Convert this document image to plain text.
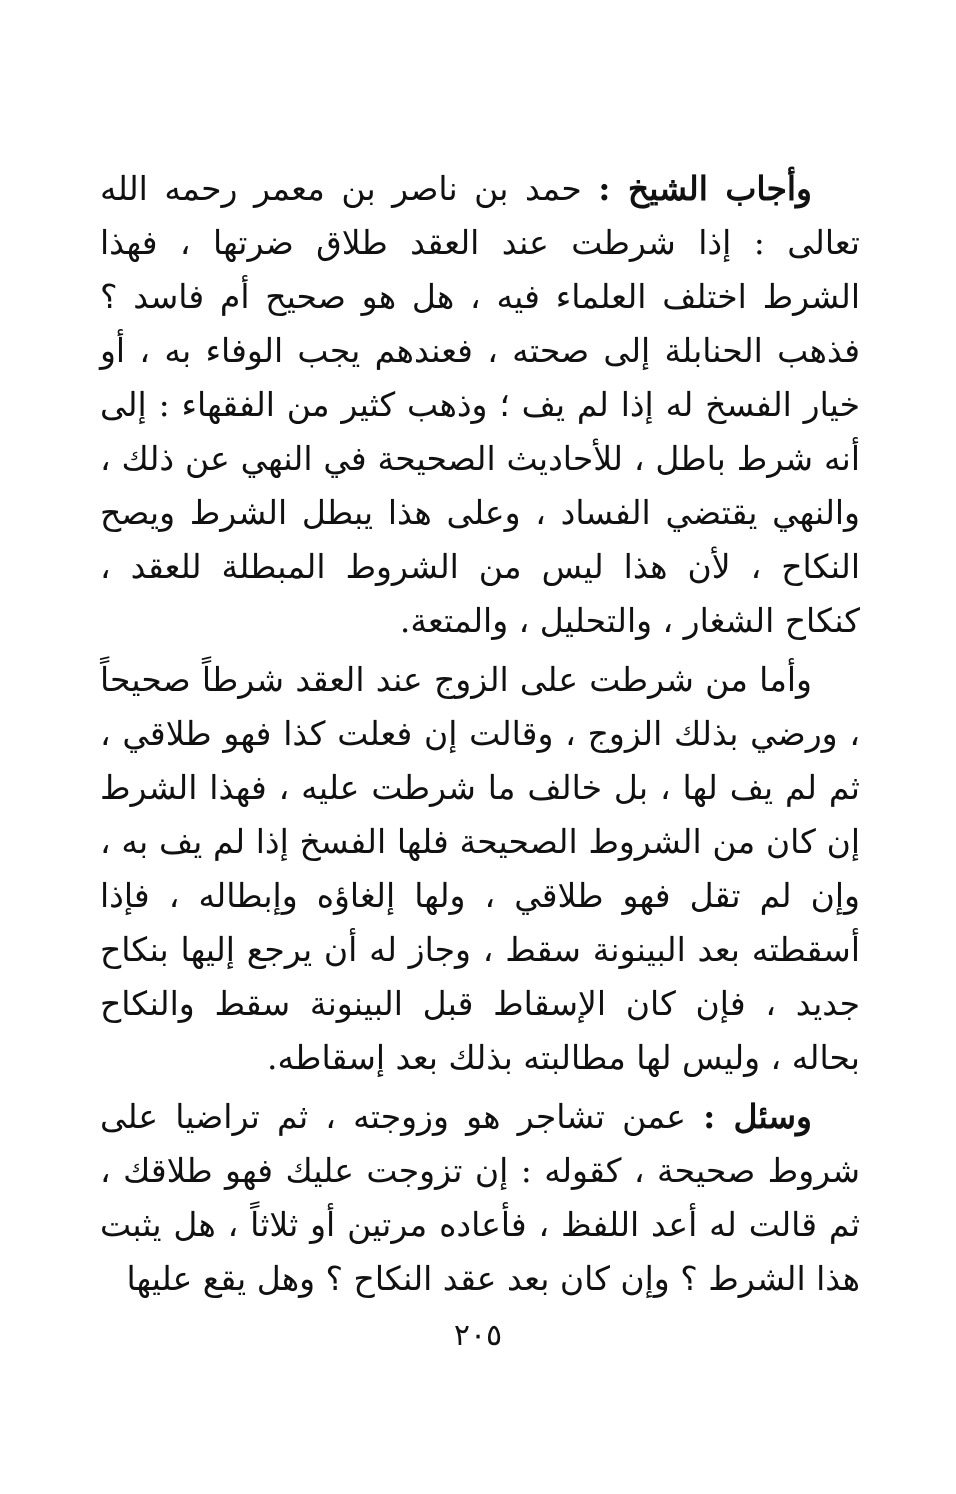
وأجاب الشيخ : حمد بن ناصر بن معمر رحمه الله تعالى : إذا شرطت عند العقد طلاق ضرتها ، فهذا الشرط اختلف العلماء فيه ، هل هو صحيح أم فاسد ؟ فذهب الحنابلة إلى صحته ، فعندهم يجب الوفاء به ، أو خيار الفسخ له إذا لم يف ؛ وذهب كثير من الفقهاء : إلى أنه شرط باطل ، للأحاديث الصحيحة في النهي عن ذلك ، والنهي يقتضي الفساد ، وعلى هذا يبطل الشرط ويصح النكاح ، لأن هذا ليس من الشروط المبطلة للعقد ، كنكاح الشغار ، والتحليل ، والمتعة.

وأما من شرطت على الزوج عند العقد شرطاً صحيحاً ، ورضي بذلك الزوج ، وقالت إن فعلت كذا فهو طلاقي ، ثم لم يف لها ، بل خالف ما شرطت عليه ، فهذا الشرط إن كان من الشروط الصحيحة فلها الفسخ إذا لم يف به ، وإن لم تقل فهو طلاقي ، ولها إلغاؤه وإبطاله ، فإذا أسقطته بعد البينونة سقط ، وجاز له أن يرجع إليها بنكاح جديد ، فإن كان الإسقاط قبل البينونة سقط والنكاح بحاله ، وليس لها مطالبته بذلك بعد إسقاطه.

وسئل : عمن تشاجر هو وزوجته ، ثم تراضيا على شروط صحيحة ، كقوله : إن تزوجت عليك فهو طلاقك ، ثم قالت له أعد اللفظ ، فأعاده مرتين أو ثلاثاً ، هل يثبت هذا الشرط ؟ وإن كان بعد عقد النكاح ؟ وهل يقع عليها

٢٠٥
